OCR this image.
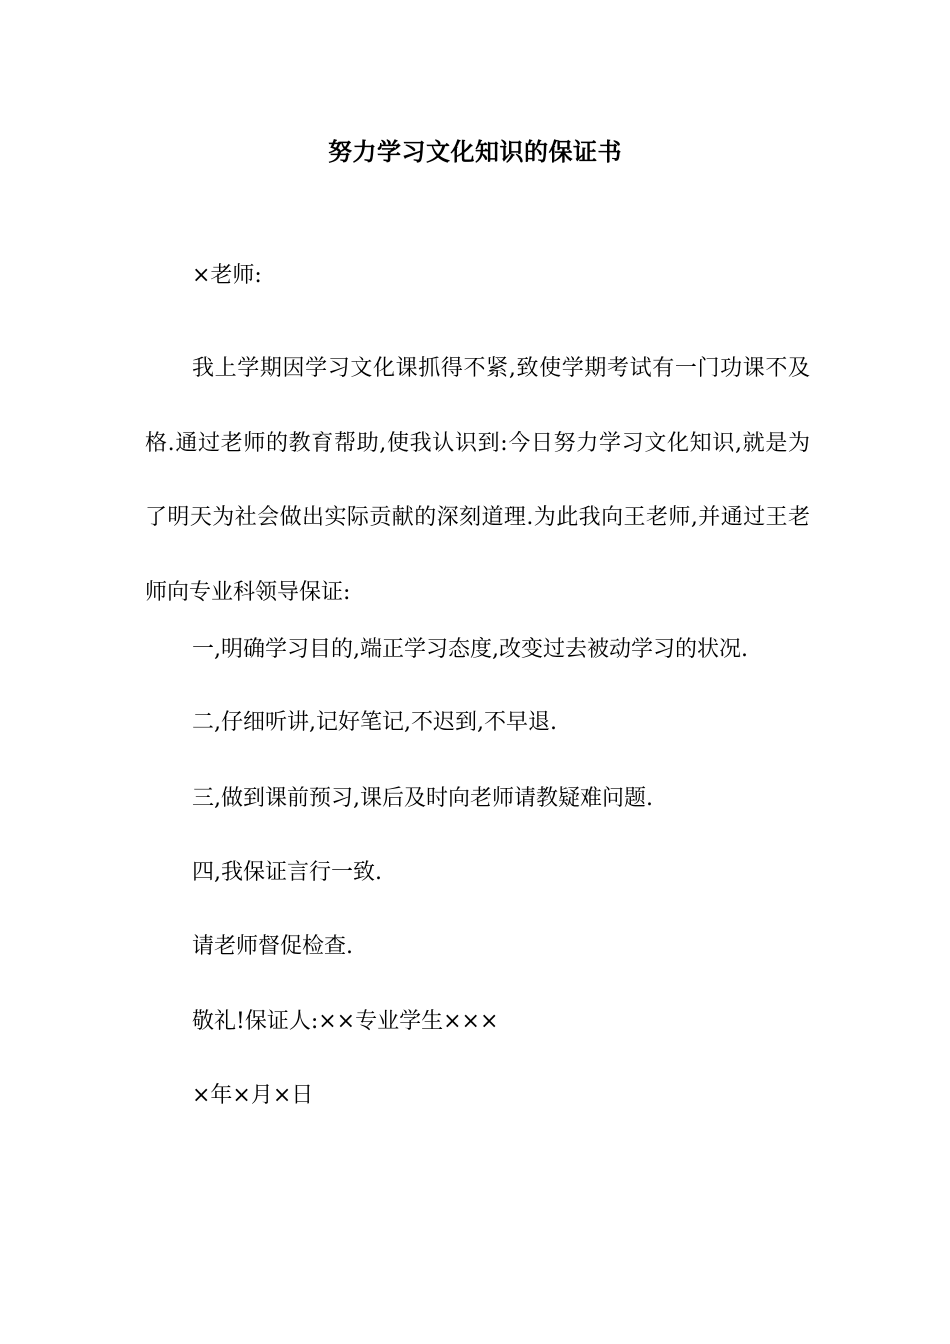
努力学习文化知识的保证书
×老师:
我上学期因学习文化课抓得不紧,致使学期考试有一门功课不及格.通过老师的教育帮助,使我认识到:今日努力学习文化知识,就是为了明天为社会做出实际贡献的深刻道理.为此我向王老师,并通过王老师向专业科领导保证:
一,明确学习目的,端正学习态度,改变过去被动学习的状况.
二,仔细听讲,记好笔记,不迟到,不早退.
三,做到课前预习,课后及时向老师请教疑难问题.
四,我保证言行一致.
请老师督促检查.
敬礼!保证人:××专业学生×××
×年×月×日
